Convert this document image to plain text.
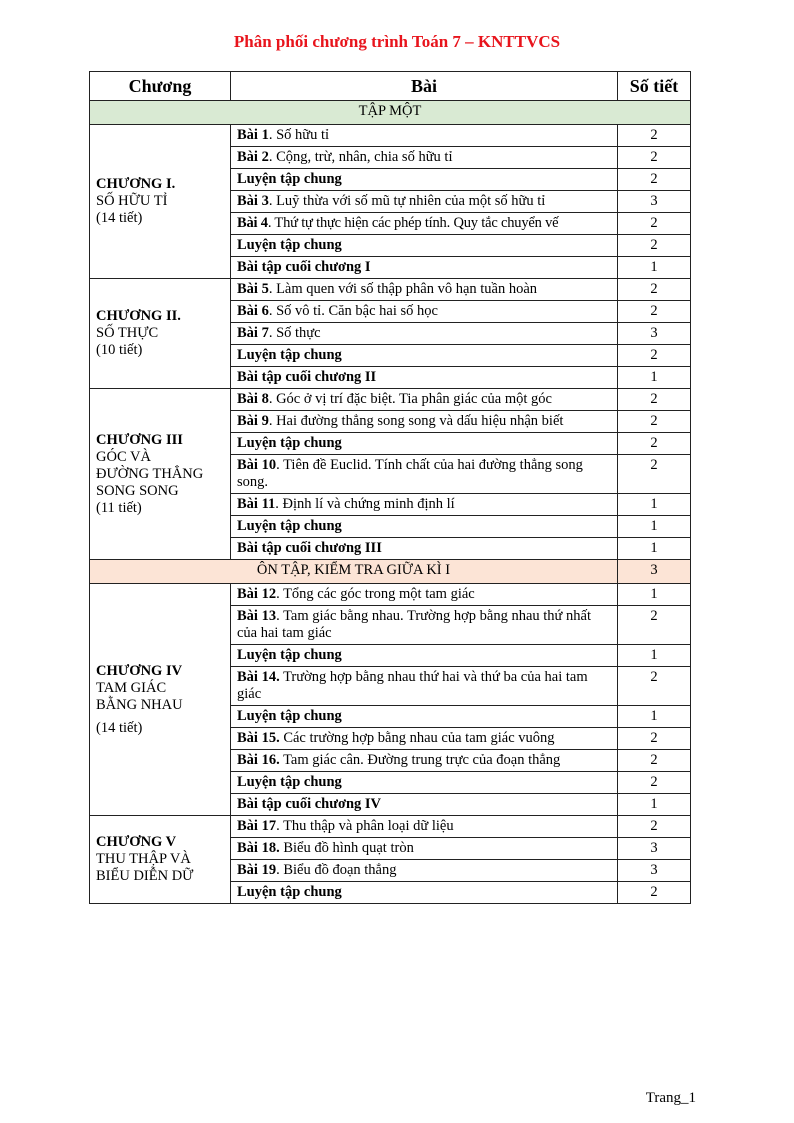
Phân phối chương trình Toán 7 – KNTTVCS
Chương	Bài	Số tiết
TẬP MỘT		

CHƯƠNG I.
SỐ HỮU TỈ
(14 tiết)	Bài 1. Số hữu tỉ	2
	Bài 2. Cộng, trừ, nhân, chia số hữu tỉ	2
	Luyện tập chung	2
	Bài 3. Luỹ thừa với số mũ tự nhiên của một số hữu tỉ	3
	Bài 4. Thứ tự thực hiện các phép tính. Quy tắc chuyển vế	2
	Luyện tập chung	2
	Bài tập cuối chương I	1

CHƯƠNG II.
SỐ THỰC
(10 tiết)	Bài 5. Làm quen với số thập phân vô hạn tuần hoàn	2
	Bài 6. Số vô tỉ. Căn bậc hai số học	2
	Bài 7. Số thực	3
	Luyện tập chung	2
	Bài tập cuối chương II	1

CHƯƠNG III
GÓC VÀ
ĐƯỜNG THẲNG
SONG SONG
(11 tiết)	Bài 8. Góc ở vị trí đặc biệt. Tia phân giác của một góc	2
	Bài 9. Hai đường thẳng song song và dấu hiệu nhận biết	2
	Luyện tập chung	2
	Bài 10. Tiên đề Euclid. Tính chất của hai đường thẳng song song.	2
	Bài 11. Định lí và chứng minh định lí	1
	Luyện tập chung	1
	Bài tập cuối chương III	1
ÔN TẬP, KIỂM TRA GIỮA KÌ I		3

CHƯƠNG IV
TAM GIÁC
BẰNG NHAU
(14 tiết)	Bài 12. Tổng các góc trong một tam giác	1
	Bài 13. Tam giác bằng nhau. Trường hợp bằng nhau thứ nhất của hai tam giác	2
	Luyện tập chung	1
	Bài 14. Trường hợp bằng nhau thứ hai và thứ ba của hai tam giác	2
	Luyện tập chung	1
	Bài 15. Các trường hợp bằng nhau của tam giác vuông	2
	Bài 16. Tam giác cân. Đường trung trực của đoạn thẳng	2
	Luyện tập chung	2
	Bài tập cuối chương IV	1

CHƯƠNG V
THU THẬP VÀ
BIỂU DIỄN DỮ	Bài 17. Thu thập và phân loại dữ liệu	2
	Bài 18. Biểu đồ hình quạt tròn	3
	Bài 19. Biểu đồ đoạn thẳng	3
	Luyện tập chung	2
Trang_1
